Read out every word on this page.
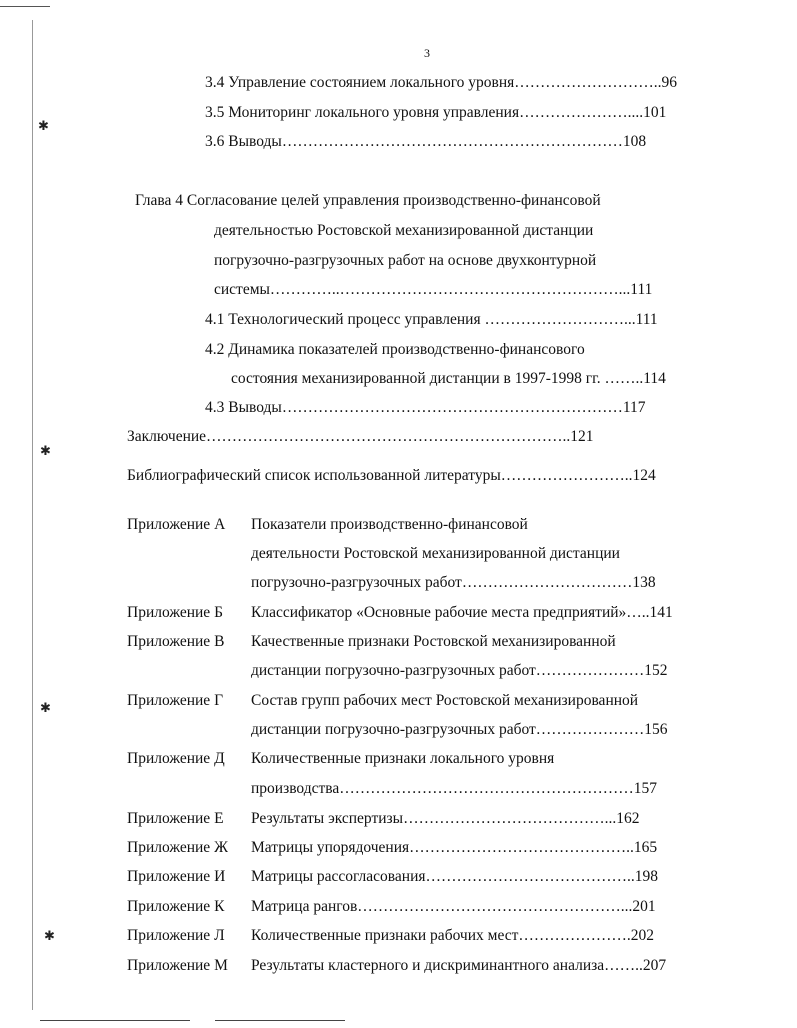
✱
✱
✱
✱
3
3.4 Управление состоянием локального уровня………………………..96
3.5 Мониторинг локального уровня управления…………………....101
3.6 Выводы…………………………………………………………108
Глава 4 Согласование целей управления производственно-финансовой
деятельностью Ростовской механизированной дистанции
погрузочно-разгрузочных работ на основе двухконтурной
системы…………..………………………………………………...111
4.1 Технологический процесс управления ………………………...111
4.2 Динамика показателей производственно-финансового
состояния механизированной дистанции в 1997-1998 гг. ……..114
4.3 Выводы…………………………………………………………117
Заключение……………………………………………………………..121
Библиографический список использованной литературы……………………..124
Приложение А Показатели производственно-финансовой
деятельности Ростовской механизированной дистанции
погрузочно-разгрузочных работ……………………………138
Приложение Б Классификатор «Основные рабочие места предприятий»…..141
Приложение В Качественные признаки Ростовской механизированной
дистанции погрузочно-разгрузочных работ…………………152
Приложение Г Состав групп рабочих мест Ростовской механизированной
дистанции погрузочно-разгрузочных работ…………………156
Приложение Д Количественные признаки локального уровня
производства…………………………………………………157
Приложение Е Результаты экспертизы…………………………………...162
Приложение Ж Матрицы упорядочения……………………………………..165
Приложение И Матрицы рассогласования…………………………………..198
Приложение К Матрица рангов……………………………………………...201
Приложение Л Количественные признаки рабочих мест………………….202
Приложение М Результаты кластерного и дискриминантного анализа……..207
